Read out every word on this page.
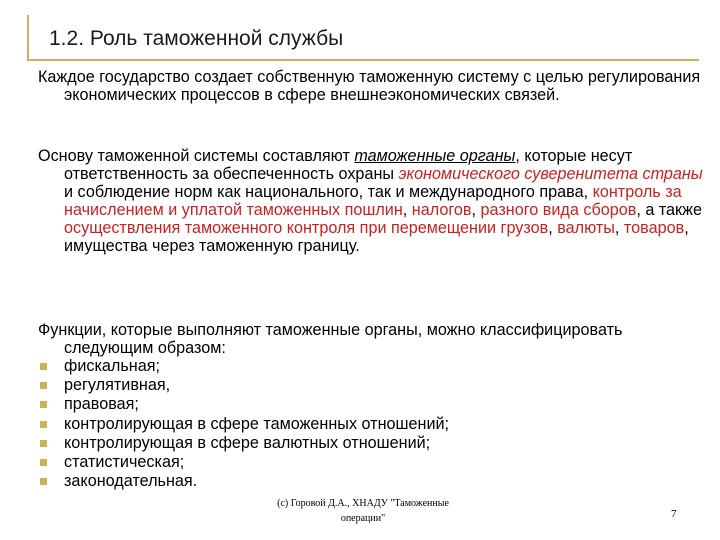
1.2. Роль таможенной службы

Каждое государство создает собственную таможенную систему с целью регулирования экономических процессов в сфере внешнеэкономических связей.

Основу таможенной системы составляют таможенные органы, которые несут ответственность за обеспеченность охраны экономического суверенитета страны и соблюдение норм как национального, так и международного права, контроль за начислением и уплатой таможенных пошлин, налогов, разного вида сборов, а также осуществления таможенного контроля при перемещении грузов, валюты, товаров, имущества через таможенную границу.

Функции, которые выполняют таможенные органы, можно классифицировать следующим образом:

фискальная;
регулятивная,
правовая;
контролирующая в сфере таможенных отношений;
контролирующая в сфере валютных отношений;
статистическая;
законодательная.
(c) Горовой Д.А., ХНАДУ "Таможенные
операции"	7
